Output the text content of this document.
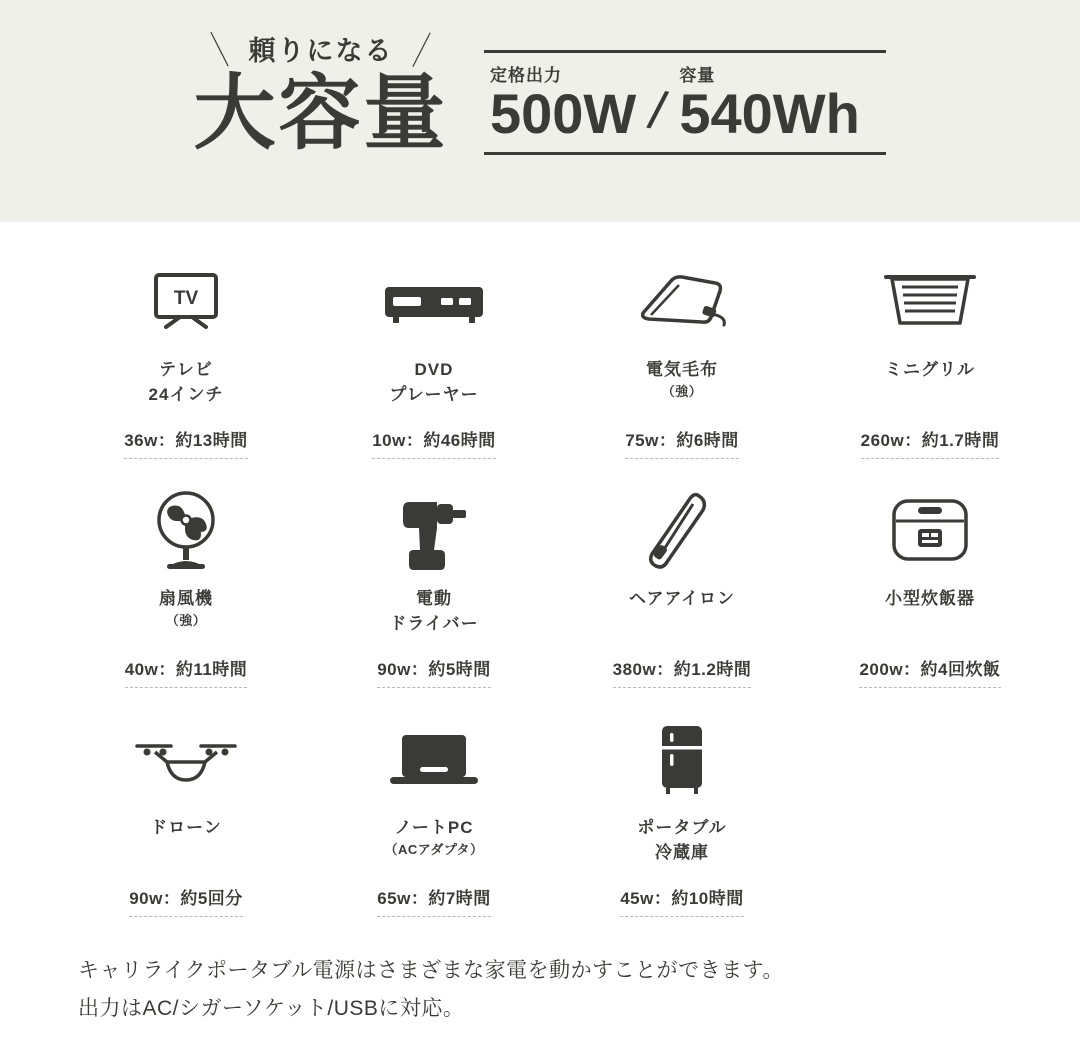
＼ 頼りになる ／
大容量	定格出力
500W /
容量
540Wh
TV
テレビ
24インチ
36w：約13時間
DVD
プレーヤー
10w：約46時間
電気毛布
（強）
75w：約6時間
ミニグリル
260w：約1.7時間
扇風機
（強）
40w：約11時間
電動
ドライバー
90w：約5時間
ヘアアイロン
380w：約1.2時間
小型炊飯器
200w：約4回炊飯
ドローン
90w：約5回分
ノートPC
（ACアダプタ）
65w：約7時間
ポータブル
冷蔵庫
45w：約10時間

キャリライクポータブル電源はさまざまな家電を動かすことができます。

出力はAC/シガーソケット/USBに対応。
